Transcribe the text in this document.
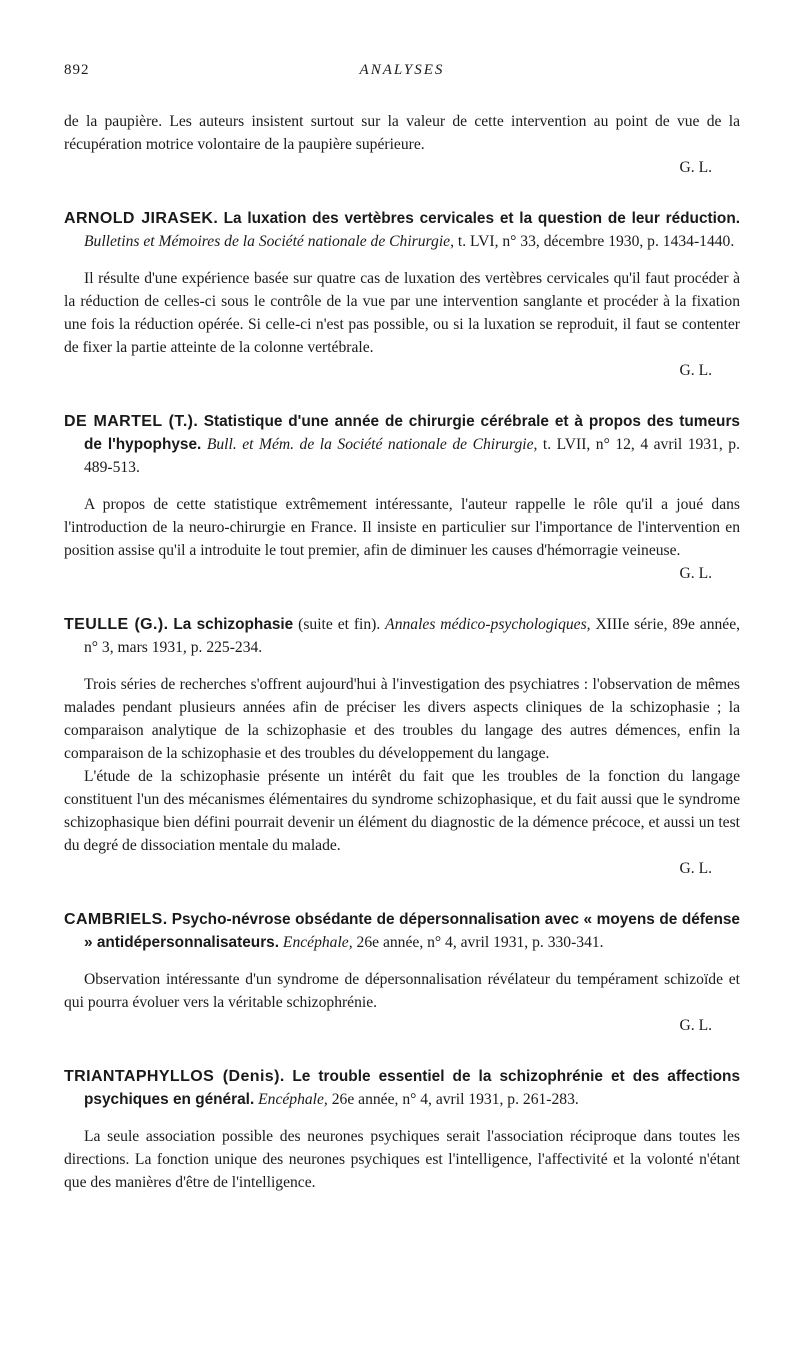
892	ANALYSES

de la paupière. Les auteurs insistent surtout sur la valeur de cette intervention au point de vue de la récupération motrice volontaire de la paupière supérieure.

G. L.

ARNOLD JIRASEK. La luxation des vertèbres cervicales et la question de leur réduction. Bulletins et Mémoires de la Société nationale de Chirurgie, t. LVI, n° 33, décembre 1930, p. 1434-1440.

Il résulte d'une expérience basée sur quatre cas de luxation des vertèbres cervicales qu'il faut procéder à la réduction de celles-ci sous le contrôle de la vue par une intervention sanglante et procéder à la fixation une fois la réduction opérée. Si celle-ci n'est pas possible, ou si la luxation se reproduit, il faut se contenter de fixer la partie atteinte de la colonne vertébrale.

G. L.

DE MARTEL (T.). Statistique d'une année de chirurgie cérébrale et à propos des tumeurs de l'hypophyse. Bull. et Mém. de la Société nationale de Chirurgie, t. LVII, n° 12, 4 avril 1931, p. 489-513.

A propos de cette statistique extrêmement intéressante, l'auteur rappelle le rôle qu'il a joué dans l'introduction de la neuro-chirurgie en France. Il insiste en particulier sur l'importance de l'intervention en position assise qu'il a introduite le tout premier, afin de diminuer les causes d'hémorragie veineuse.

G. L.

TEULLE (G.). La schizophasie (suite et fin). Annales médico-psychologiques, XIIIe série, 89e année, n° 3, mars 1931, p. 225-234.

Trois séries de recherches s'offrent aujourd'hui à l'investigation des psychiatres : l'observation de mêmes malades pendant plusieurs années afin de préciser les divers aspects cliniques de la schizophasie ; la comparaison analytique de la schizophasie et des troubles du langage des autres démences, enfin la comparaison de la schizophasie et des troubles du développement du langage.

L'étude de la schizophasie présente un intérêt du fait que les troubles de la fonction du langage constituent l'un des mécanismes élémentaires du syndrome schizophasique, et du fait aussi que le syndrome schizophasique bien défini pourrait devenir un élément du diagnostic de la démence précoce, et aussi un test du degré de dissociation mentale du malade.

G. L.

CAMBRIELS. Psycho-névrose obsédante de dépersonnalisation avec « moyens de défense » antidépersonnalisateurs. Encéphale, 26e année, n° 4, avril 1931, p. 330-341.

Observation intéressante d'un syndrome de dépersonnalisation révélateur du tempérament schizoïde et qui pourra évoluer vers la véritable schizophrénie.

G. L.

TRIANTAPHYLLOS (Denis). Le trouble essentiel de la schizophrénie et des affections psychiques en général. Encéphale, 26e année, n° 4, avril 1931, p. 261-283.

La seule association possible des neurones psychiques serait l'association réciproque dans toutes les directions. La fonction unique des neurones psychiques est l'intelligence, l'affectivité et la volonté n'étant que des manières d'être de l'intelligence.
